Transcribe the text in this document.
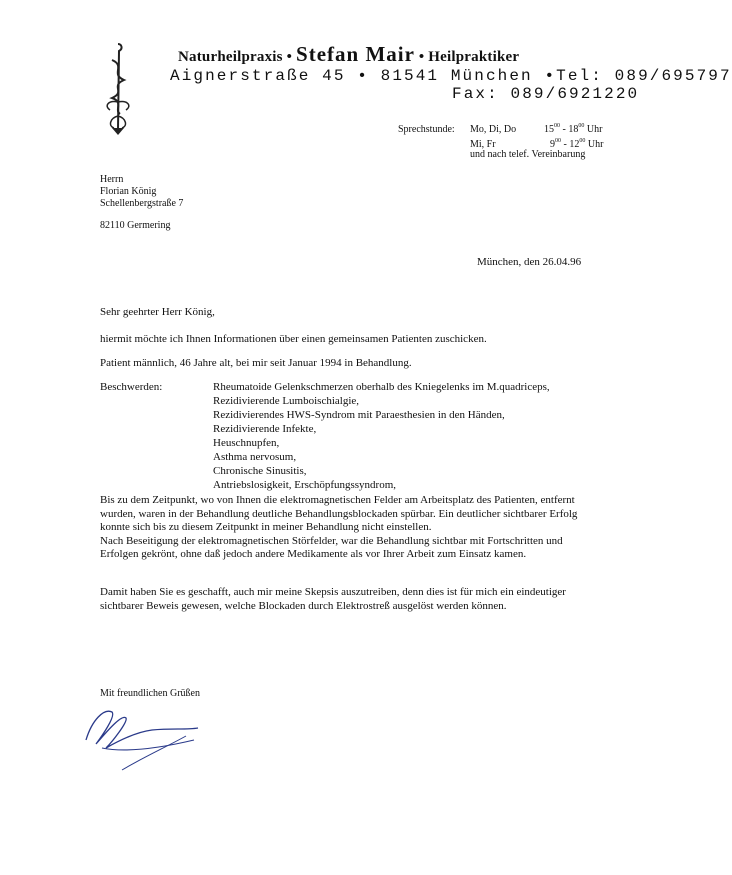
Naturheilpraxis • Stefan Mair • Heilpraktiker
Aignerstraße 45 • 81541 München •Tel: 089/695797
Fax: 089/6921220
Sprechstunde: Mo, Di, Do	$15^{00} - 18^{00}$ Uhr
Mi, Fr	$9^{00} - 12^{00}$ Uhr
und nach telef. Vereinbarung
Herrn
Florian König
Schellenbergstraße 7
82110 Germering
München, den 26.04.96
Sehr geehrter Herr König,
hiermit möchte ich Ihnen Informationen über einen gemeinsamen Patienten zuschicken.
Patient männlich, 46 Jahre alt, bei mir seit Januar 1994 in Behandlung.
Beschwerden:	Rheumatoide Gelenkschmerzen oberhalb des Kniegelenks im M.quadriceps,
Rezidivierende Lumboischialgie,
Rezidivierendes HWS-Syndrom mit Paraesthesien in den Händen,
Rezidivierende Infekte,
Heuschnupfen,
Asthma nervosum,
Chronische Sinusitis,
Antriebslosigkeit, Erschöpfungssyndrom,
Bis zu dem Zeitpunkt, wo von Ihnen die elektromagnetischen Felder am Arbeitsplatz des Patienten, entfernt
wurden, waren in der Behandlung deutliche Behandlungsblockaden spürbar. Ein deutlicher sichtbarer Erfolg
konnte sich bis zu diesem Zeitpunkt in meiner Behandlung nicht einstellen.
Nach Beseitigung der elektromagnetischen Störfelder, war die Behandlung sichtbar mit Fortschritten und
Erfolgen gekrönt, ohne daß jedoch andere Medikamente als vor Ihrer Arbeit zum Einsatz kamen.
Damit haben Sie es geschafft, auch mir meine Skepsis auszutreiben, denn dies ist für mich ein eindeutiger
sichtbarer Beweis gewesen, welche Blockaden durch Elektrostreß ausgelöst werden können.
Mit freundlichen Grüßen
